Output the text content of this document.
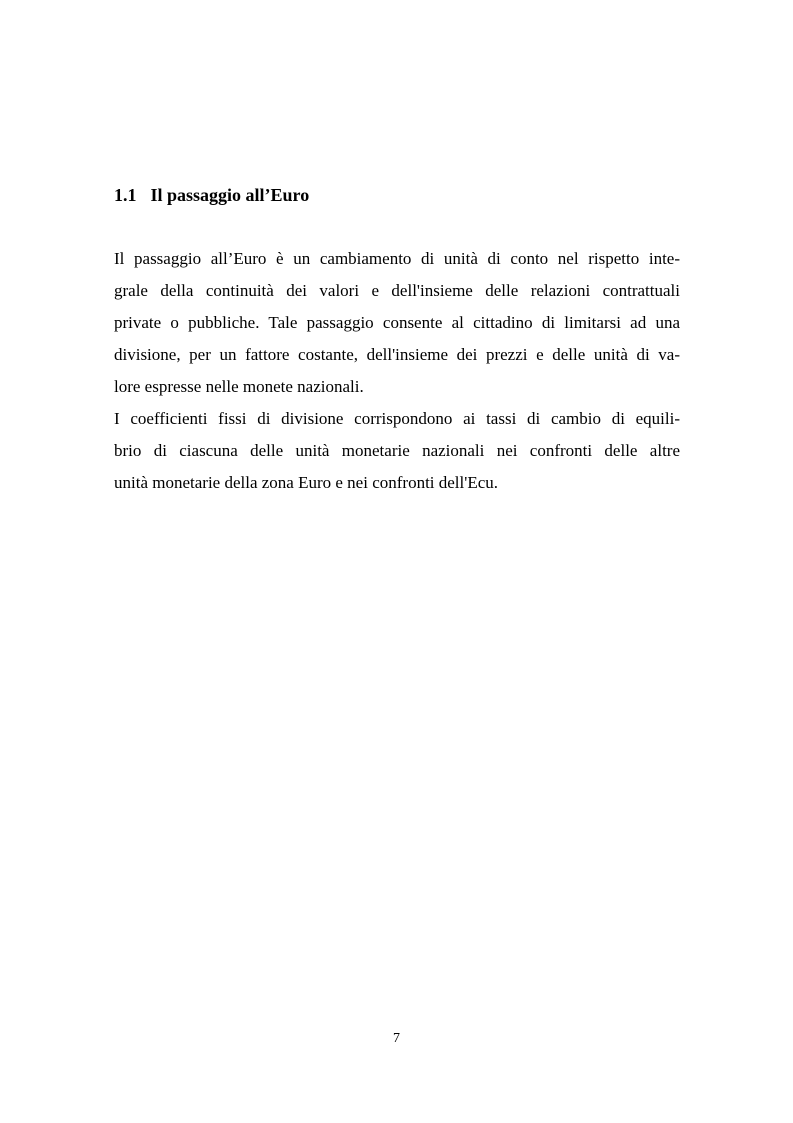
1.1 Il passaggio all’Euro
Il passaggio all’Euro è un cambiamento di unità di conto nel rispetto inte-
grale della continuità dei valori e dell'insieme delle relazioni contrattuali
private o pubbliche. Tale passaggio consente al cittadino di limitarsi ad una
divisione, per un fattore costante, dell'insieme dei prezzi e delle unità di va-
lore espresse nelle monete nazionali.
I coefficienti fissi di divisione corrispondono ai tassi di cambio di equili-
brio di ciascuna delle unità monetarie nazionali nei confronti delle altre
unità monetarie della zona Euro e nei confronti dell'Ecu.
7
